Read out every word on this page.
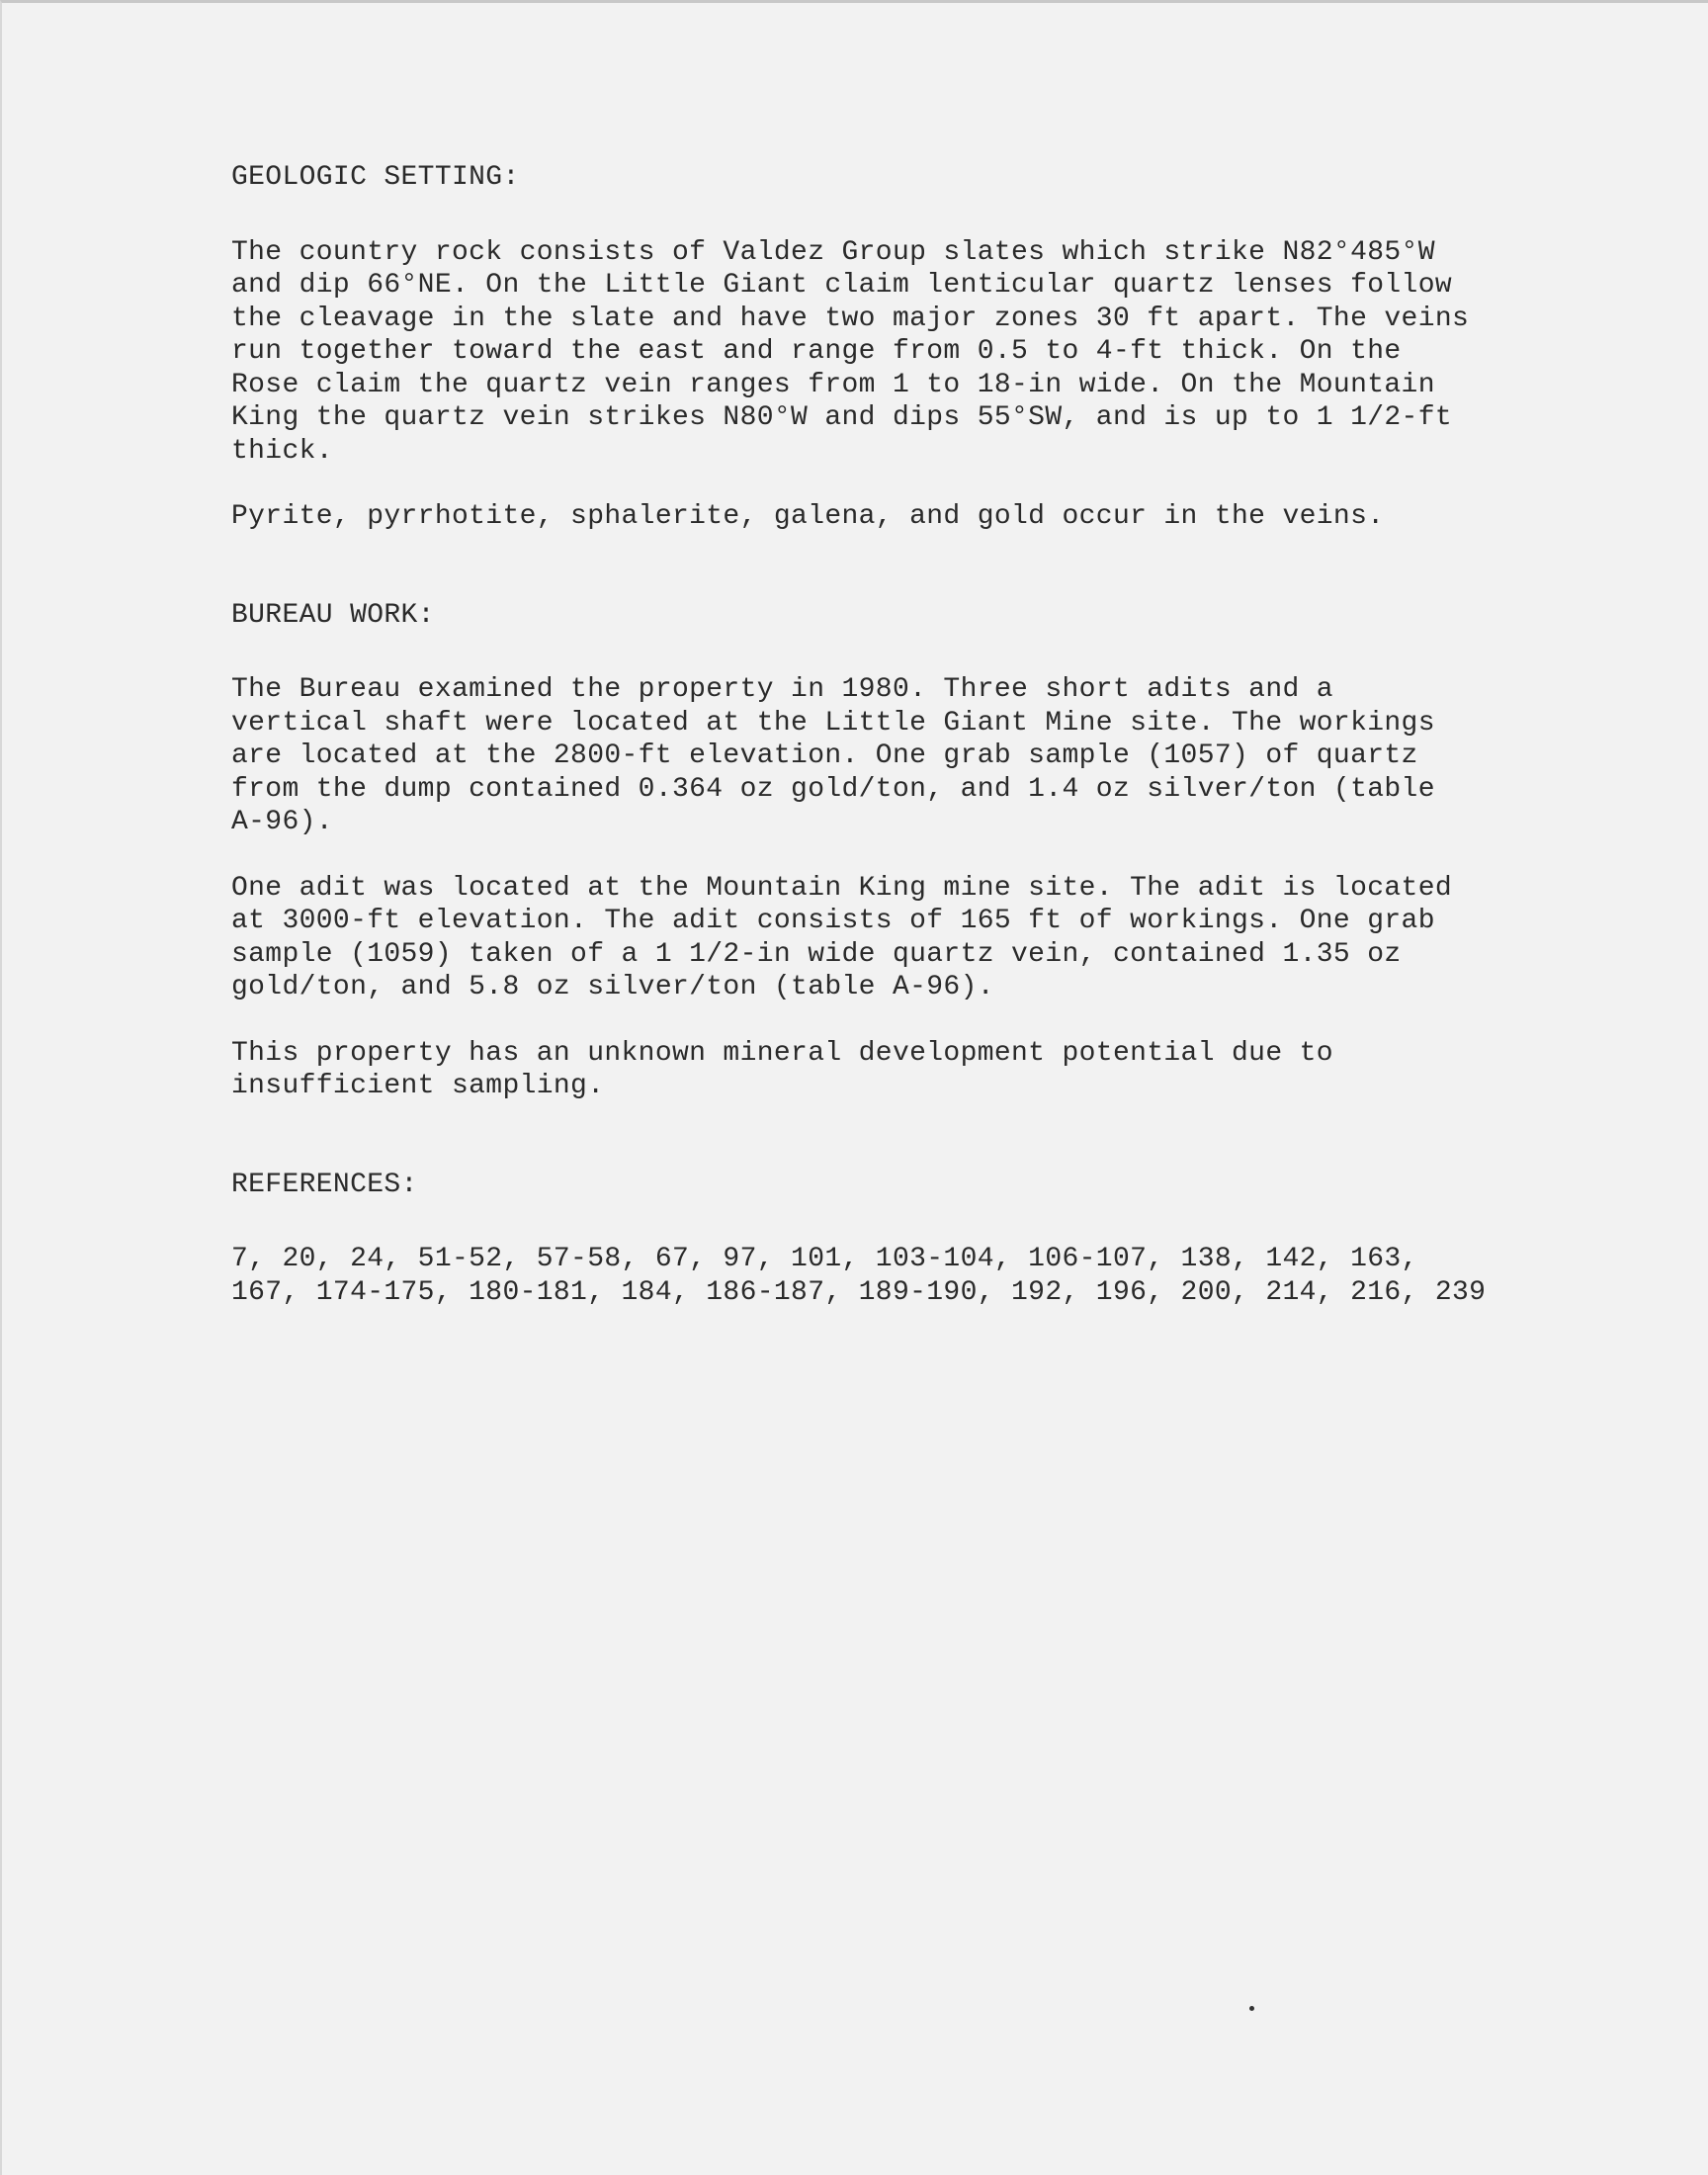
GEOLOGIC SETTING:

The country rock consists of Valdez Group slates which strike N82°485°W
and dip 66°NE. On the Little Giant claim lenticular quartz lenses follow
the cleavage in the slate and have two major zones 30 ft apart. The veins
run together toward the east and range from 0.5 to 4-ft thick. On the
Rose claim the quartz vein ranges from 1 to 18-in wide. On the Mountain
King the quartz vein strikes N80°W and dips 55°SW, and is up to 1 1/2-ft
thick.

Pyrite, pyrrhotite, sphalerite, galena, and gold occur in the veins.

BUREAU WORK:

The Bureau examined the property in 1980. Three short adits and a
vertical shaft were located at the Little Giant Mine site. The workings
are located at the 2800-ft elevation. One grab sample (1057) of quartz
from the dump contained 0.364 oz gold/ton, and 1.4 oz silver/ton (table
A-96).

One adit was located at the Mountain King mine site. The adit is located
at 3000-ft elevation. The adit consists of 165 ft of workings. One grab
sample (1059) taken of a 1 1/2-in wide quartz vein, contained 1.35 oz
gold/ton, and 5.8 oz silver/ton (table A-96).

This property has an unknown mineral development potential due to
insufficient sampling.

REFERENCES:

7, 20, 24, 51-52, 57-58, 67, 97, 101, 103-104, 106-107, 138, 142, 163,
167, 174-175, 180-181, 184, 186-187, 189-190, 192, 196, 200, 214, 216, 239
